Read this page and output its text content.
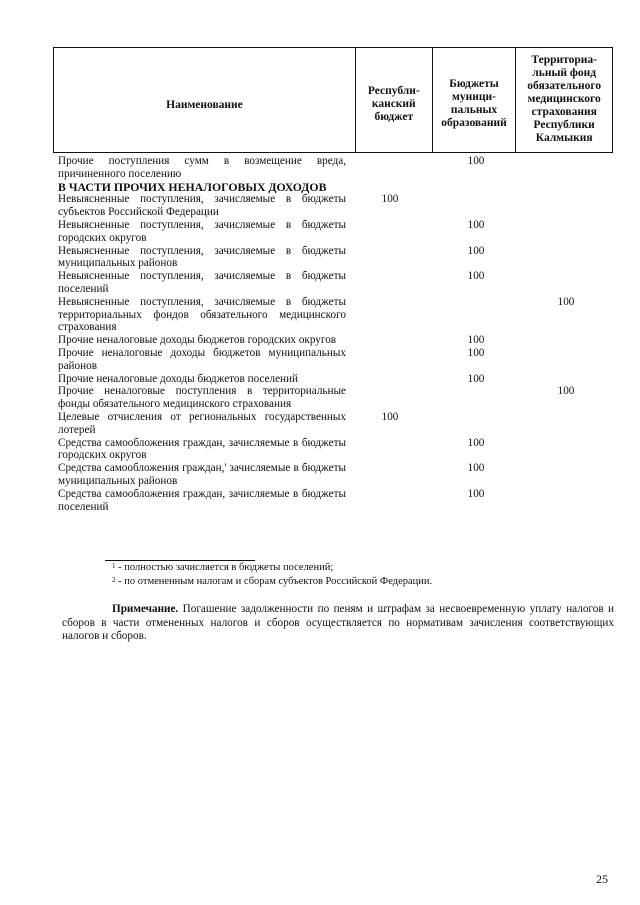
Наименование
Республи-
канский
бюджет
Бюджеты
муници-
пальных
образований
Территориа-
льный фонд
обязательного
медицинского
страхования
Республики
Калмыкия
Прочие поступления сумм в возмещение вреда, причиненного поселению
100
В ЧАСТИ ПРОЧИХ НЕНАЛОГОВЫХ ДОХОДОВ
Невыясненные поступления, зачисляемые в бюджеты субъектов Российской Федерации
100
Невыясненные поступления, зачисляемые в бюджеты городских округов
100
Невыясненные поступления, зачисляемые в бюджеты муниципальных районов
100
Невыясненные поступления, зачисляемые в бюджеты поселений
100
Невыясненные поступления, зачисляемые в бюджеты территориальных фондов обязательного медицинского страхования
100
Прочие неналоговые доходы бюджетов городских округов	100
Прочие неналоговые доходы бюджетов муниципальных районов
100
Прочие неналоговые доходы бюджетов поселений	100
Прочие неналоговые поступления в территориальные фонды обязательного медицинского страхования
100
Целевые отчисления от региональных государственных лотерей
100
Средства самообложения граждан, зачисляемые в бюджеты городских округов
100
Средства самообложения граждан,' зачисляемые в бюджеты муниципальных районов
100
Средства самообложения граждан, зачисляемые в бюджеты поселений
100
$^1$ - полностью зачисляется в бюджеты поселений;
$^2$ - по отмененным налогам и сборам субъектов Российской Федерации.
Примечание. Погашение задолженности по пеням и штрафам за несвоевременную уплату налогов и сборов в части отмененных налогов и сборов осуществляется по нормативам зачисления соответствующих налогов и сборов.
25
